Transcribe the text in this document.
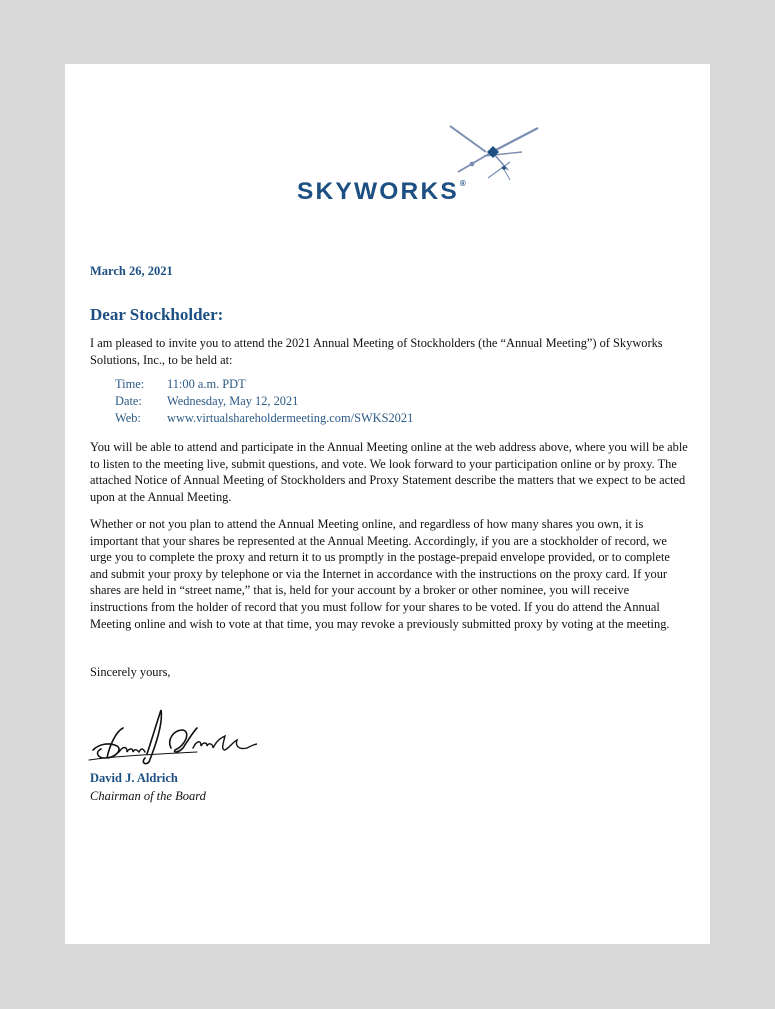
SKYWORKS®
March 26, 2021
Dear Stockholder:

I am pleased to invite you to attend the 2021 Annual Meeting of Stockholders (the “Annual Meeting”) of Skyworks Solutions, Inc., to be held at:

Time:	11:00 a.m. PDT
Date:	Wednesday, May 12, 2021
Web:	www.virtualshareholdermeeting.com/SWKS2021

You will be able to attend and participate in the Annual Meeting online at the web address above, where you will be able to listen to the meeting live, submit questions, and vote. We look forward to your participation online or by proxy. The attached Notice of Annual Meeting of Stockholders and Proxy Statement describe the matters that we expect to be acted upon at the Annual Meeting.

Whether or not you plan to attend the Annual Meeting online, and regardless of how many shares you own, it is important that your shares be represented at the Annual Meeting. Accordingly, if you are a stockholder of record, we urge you to complete the proxy and return it to us promptly in the postage-prepaid envelope provided, or to complete and submit your proxy by telephone or via the Internet in accordance with the instructions on the proxy card. If your shares are held in “street name,” that is, held for your account by a broker or other nominee, you will receive instructions from the holder of record that you must follow for your shares to be voted. If you do attend the Annual Meeting online and wish to vote at that time, you may revoke a previously submitted proxy by voting at the meeting.

Sincerely yours,

David J. Aldrich
Chairman of the Board
